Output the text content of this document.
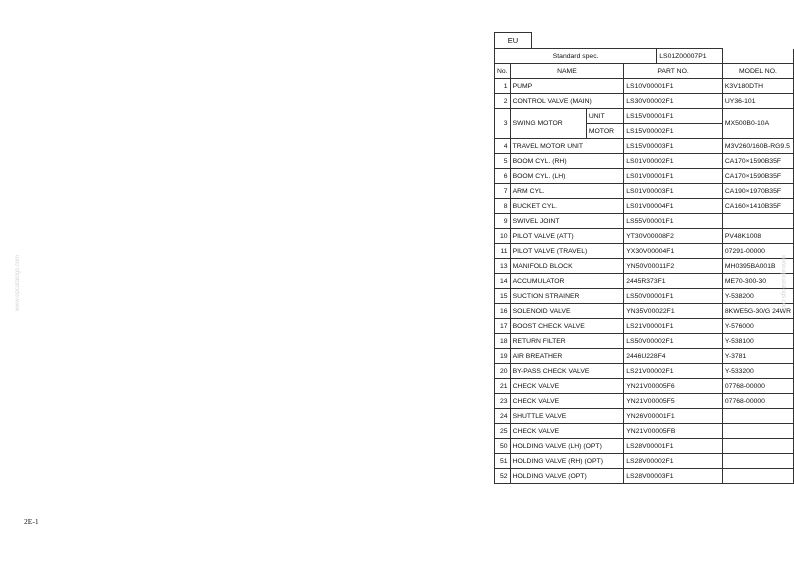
EU
Standard spec.				LS01Z00007P1	
No.	NAME		PART NO.		MODEL NO.
1	PUMP		LS10V00001F1		K3V180DTH
2	CONTROL VALVE (MAIN)		LS30V00002F1		UY36-101
3	SWING MOTOR	UNIT	LS15V00001F1		MX500B0-10A
		MOTOR	LS15V00002F1		
4	TRAVEL MOTOR UNIT		LS15V00003F1		M3V260/160B-RG9.5
5	BOOM CYL. (RH)		LS01V00002F1		CA170×1590B35F
6	BOOM CYL. (LH)		LS01V00001F1		CA170×1590B35F
7	ARM CYL.		LS01V00003F1		CA190×1970B35F
8	BUCKET CYL.		LS01V00004F1		CA160×1410B35F
9	SWIVEL JOINT		LS55V00001F1		
10	PILOT VALVE (ATT)		YT30V00008F2		PV48K1008
11	PILOT VALVE (TRAVEL)		YX30V00004F1		07291-00000
13	MANIFOLD BLOCK		YN50V00011F2		MH0395BA001B
14	ACCUMULATOR		2445R373F1		ME70-300-30
15	SUCTION STRAINER		LS50V00001F1		Y-538200
16	SOLENOID VALVE		YN35V00022F1		8KWE5G-30/G 24WR
17	BOOST CHECK VALVE		LS21V00001F1		Y-576000
18	RETURN FILTER		LS50V00002F1		Y-538100
19	AIR BREATHER		2446U228F4		Y-3781
20	BY-PASS CHECK VALVE		LS21V00002F1		Y-533200
21	CHECK VALVE		YN21V00005F6		07768-00000
23	CHECK VALVE		YN21V00005F5		07768-00000
24	SHUTTLE VALVE		YN26V00001F1		
25	CHECK VALVE		YN21V00005FB		
50	HOLDING VALVE (LH) (OPT)		LS28V00001F1		
51	HOLDING VALVE (RH) (OPT)		LS28V00002F1		
52	HOLDING VALVE (OPT)		LS28V00003F1		
2E-1
www.epcatalogs.com	www.epcatalogs.com
